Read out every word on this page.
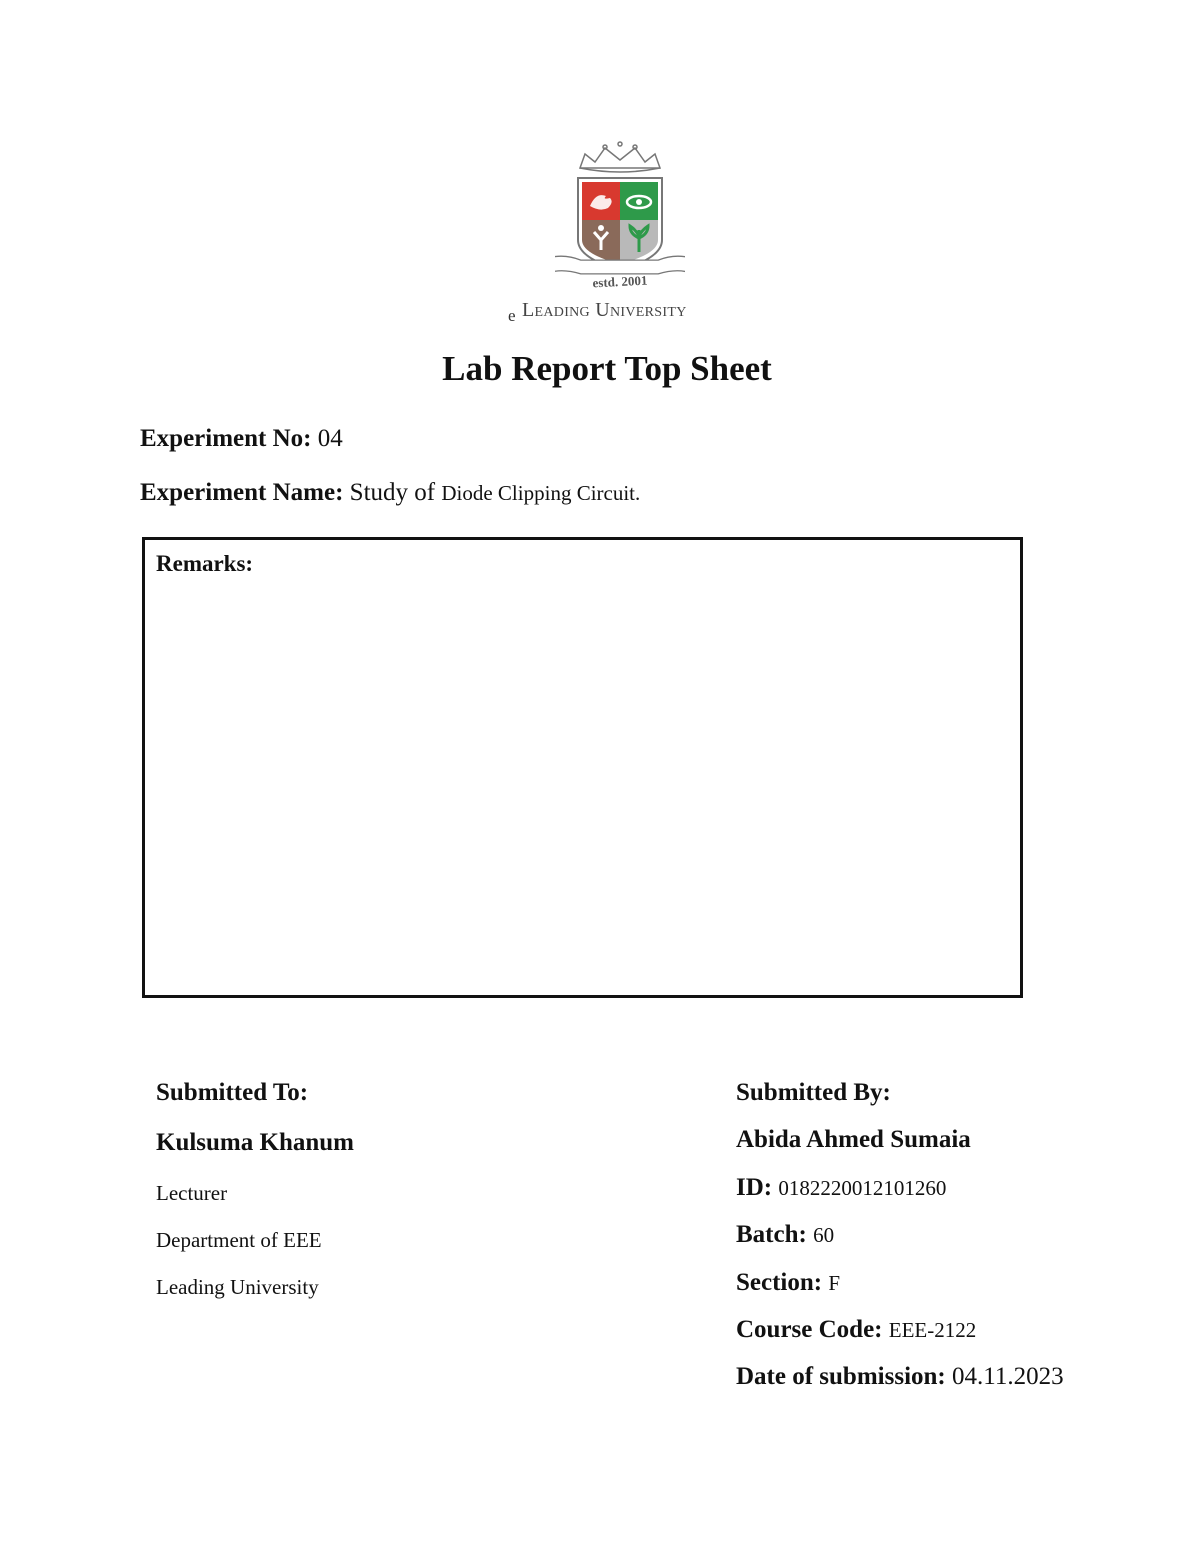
estd. 2001
e Leading University
Lab Report Top Sheet
Experiment No: 04
Experiment Name: Study of Diode Clipping Circuit.
Remarks:
Submitted To:
Kulsuma Khanum
Lecturer
Department of EEE
Leading University
Submitted By:
Abida Ahmed Sumaia
ID: 0182220012101260
Batch: 60
Section: F
Course Code: EEE-2122
Date of submission: 04.11.2023
